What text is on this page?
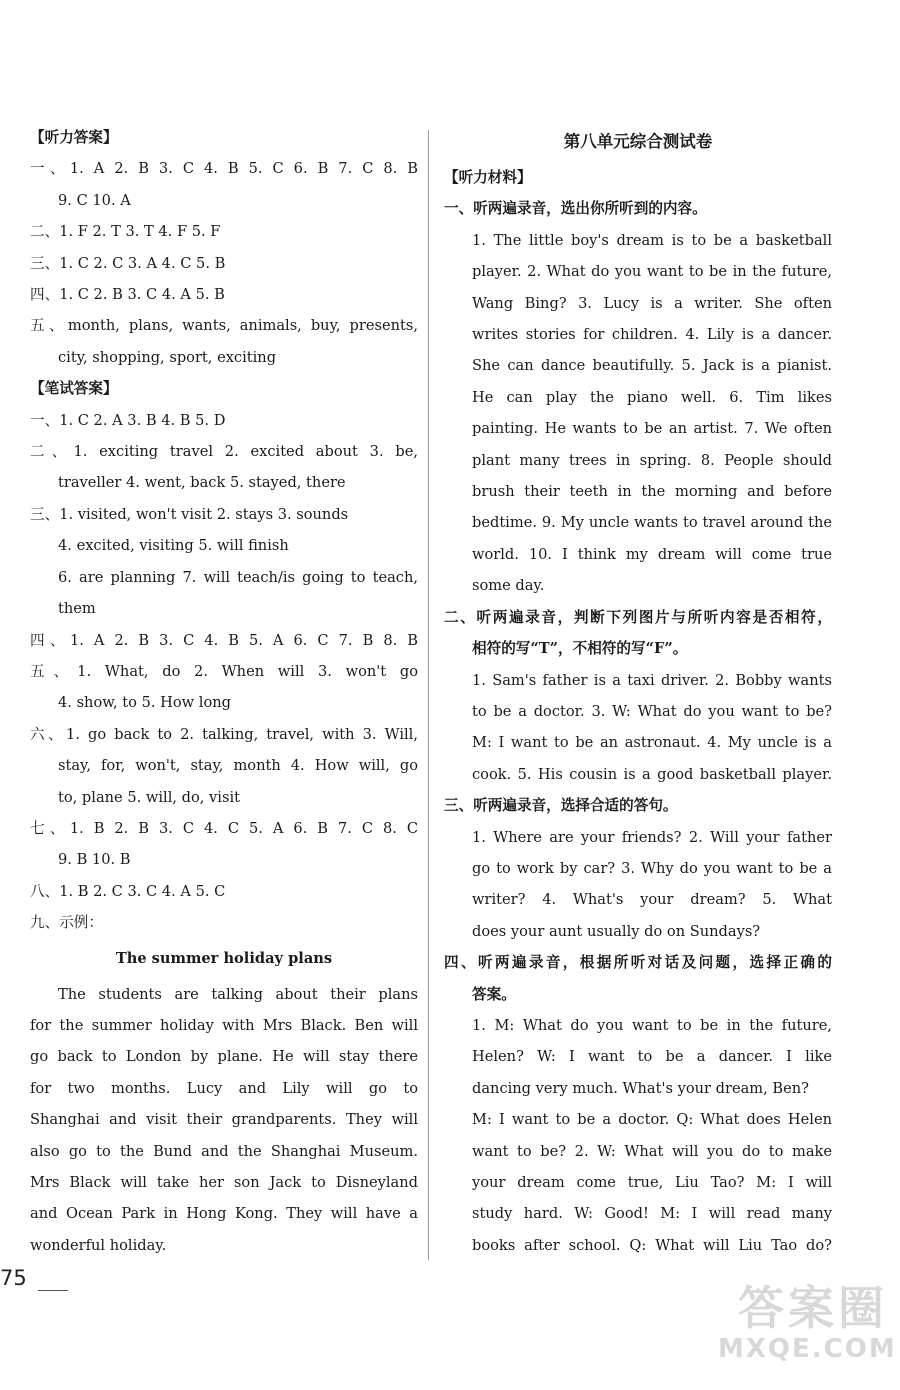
【听力答案】
一、1. A 2. B 3. C 4. B 5. C 6. B 7. C 8. B
9. C 10. A
二、1. F 2. T 3. T 4. F 5. F
三、1. C 2. C 3. A 4. C 5. B
四、1. C 2. B 3. C 4. A 5. B
五、month, plans, wants, animals, buy, presents,
city, shopping, sport, exciting
【笔试答案】
一、1. C 2. A 3. B 4. B 5. D
二、1. exciting travel 2. excited about 3. be,
traveller 4. went, back 5. stayed, there
三、1. visited, won't visit 2. stays 3. sounds
4. excited, visiting 5. will finish
6. are planning 7. will teach/is going to teach,
them
四、1. A 2. B 3. C 4. B 5. A 6. C 7. B 8. B
五、1. What, do 2. When will 3. won't go
4. show, to 5. How long
六、1. go back to 2. talking, travel, with 3. Will,
stay, for, won't, stay, month 4. How will, go
to, plane 5. will, do, visit
七、1. B 2. B 3. C 4. C 5. A 6. B 7. C 8. C
9. B 10. B
八、1. B 2. C 3. C 4. A 5. C
九、示例：
The summer holiday plans
The students are talking about their plans
for the summer holiday with Mrs Black. Ben will
go back to London by plane. He will stay there
for two months. Lucy and Lily will go to
Shanghai and visit their grandparents. They will
also go to the Bund and the Shanghai Museum.
Mrs Black will take her son Jack to Disneyland
and Ocean Park in Hong Kong. They will have a
wonderful holiday.
第八单元综合测试卷
【听力材料】
一、听两遍录音，选出你所听到的内容。
1. The little boy's dream is to be a basketball
player. 2. What do you want to be in the future,
Wang Bing? 3. Lucy is a writer. She often
writes stories for children. 4. Lily is a dancer.
She can dance beautifully. 5. Jack is a pianist.
He can play the piano well. 6. Tim likes
painting. He wants to be an artist. 7. We often
plant many trees in spring. 8. People should
brush their teeth in the morning and before
bedtime. 9. My uncle wants to travel around the
world. 10. I think my dream will come true
some day.
二、听两遍录音，判断下列图片与所听内容是否相符，
相符的写“T”，不相符的写“F”。
1. Sam's father is a taxi driver. 2. Bobby wants
to be a doctor. 3. W: What do you want to be?
M: I want to be an astronaut. 4. My uncle is a
cook. 5. His cousin is a good basketball player.
三、听两遍录音，选择合适的答句。
1. Where are your friends? 2. Will your father
go to work by car? 3. Why do you want to be a
writer? 4. What's your dream? 5. What
does your aunt usually do on Sundays?
四、听两遍录音，根据所听对话及问题，选择正确的
答案。
1. M: What do you want to be in the future,
Helen? W: I want to be a dancer. I like
dancing very much. What's your dream, Ben?
M: I want to be a doctor. Q: What does Helen
want to be? 2. W: What will you do to make
your dream come true, Liu Tao? M: I will
study hard. W: Good! M: I will read many
books after school. Q: What will Liu Tao do?
75
答案圈
MXQE.COM
